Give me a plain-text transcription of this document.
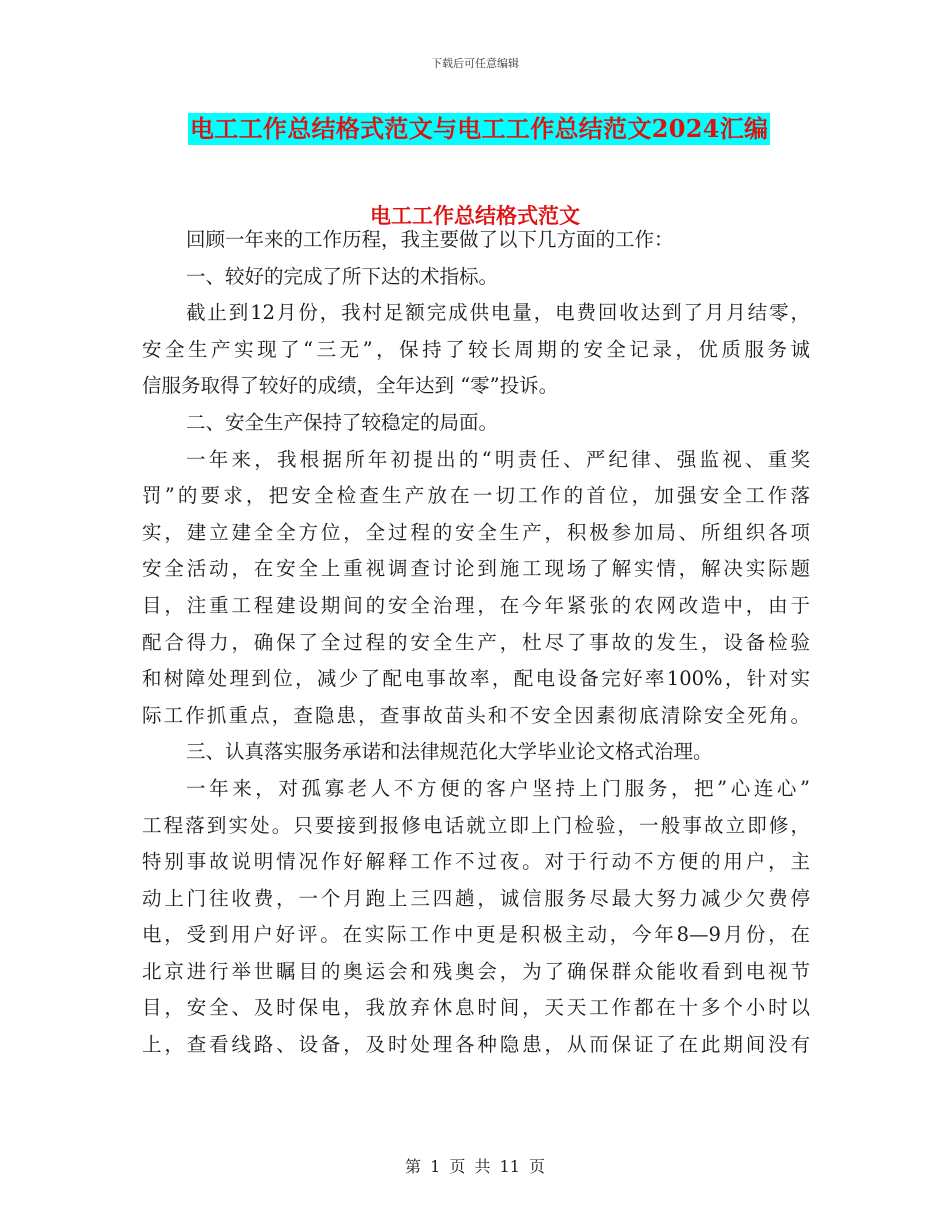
下载后可任意编辑
电工工作总结格式范文与电工工作总结范文2024汇编
电工工作总结格式范文
回顾一年来的工作历程，我主要做了以下几方面的工作：
一、较好的完成了所下达的术指标。
截止到12月份，我村足额完成供电量，电费回收达到了月月结零，
安全生产实现了“三无”，保持了较长周期的安全记录，优质服务诚
信服务取得了较好的成绩，全年达到 “零”投诉。
二、安全生产保持了较稳定的局面。
一年来，我根据所年初提出的“明责任、严纪律、强监视、重奖
罚”的要求，把安全检查生产放在一切工作的首位，加强安全工作落
实，建立建全全方位，全过程的安全生产，积极参加局、所组织各项
安全活动，在安全上重视调查讨论到施工现场了解实情，解决实际题
目，注重工程建设期间的安全治理，在今年紧张的农网改造中，由于
配合得力，确保了全过程的安全生产，杜尽了事故的发生，设备检验
和树障处理到位，减少了配电事故率，配电设备完好率100%，针对实
际工作抓重点，查隐患，查事故苗头和不安全因素彻底清除安全死角。
三、认真落实服务承诺和法律规范化大学毕业论文格式治理。
一年来，对孤寡老人不方便的客户坚持上门服务，把”心连心”
工程落到实处。只要接到报修电话就立即上门检验，一般事故立即修，
特别事故说明情况作好解释工作不过夜。对于行动不方便的用户，主
动上门往收费，一个月跑上三四趟，诚信服务尽最大努力减少欠费停
电，受到用户好评。在实际工作中更是积极主动，今年8—9月份，在
北京进行举世瞩目的奥运会和残奥会，为了确保群众能收看到电视节
目，安全、及时保电，我放弃休息时间，天天工作都在十多个小时以
上，查看线路、设备，及时处理各种隐患，从而保证了在此期间没有
第 1 页 共 11 页
